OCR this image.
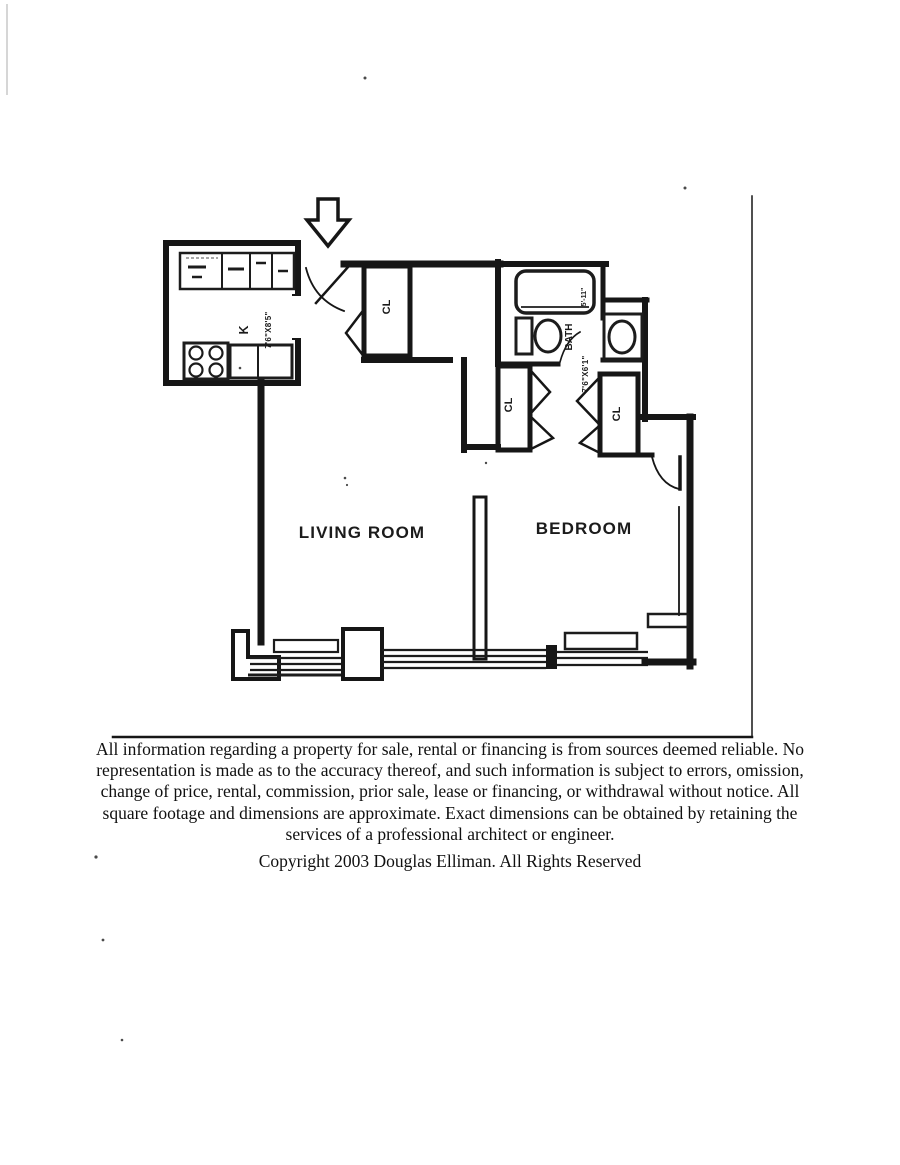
K 7'6"X8'5"
CL
5'-11"
BATH
7'6"X6'1"
CL
CL
LIVING ROOM	BEDROOM
All information regarding a property for sale, rental or financing is from sources deemed reliable. No
representation is made as to the accuracy thereof, and such information is subject to errors, omission,
change of price, rental, commission, prior sale, lease or financing, or withdrawal without notice. All
square footage and dimensions are approximate. Exact dimensions can be obtained by retaining the
services of a professional architect or engineer.
Copyright 2003 Douglas Elliman. All Rights Reserved
